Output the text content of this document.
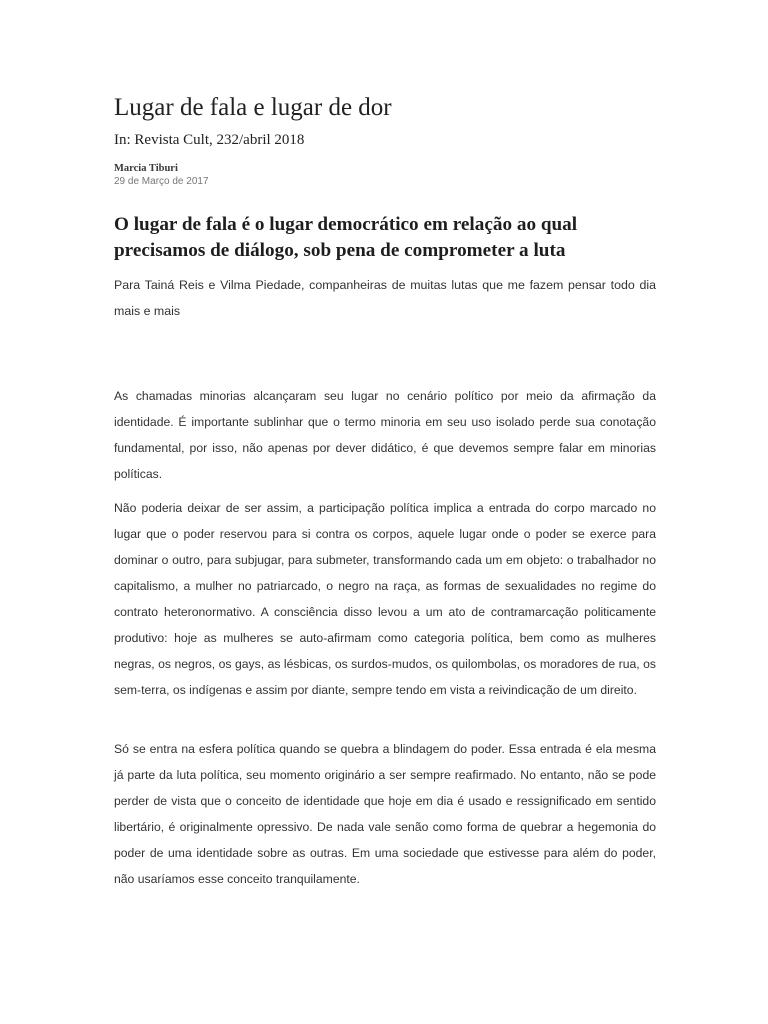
Lugar de fala e lugar de dor

In: Revista Cult, 232/abril 2018

Marcia Tiburi

29 de Março de 2017

O lugar de fala é o lugar democrático em relação ao qual precisamos de diálogo, sob pena de comprometer a luta

Para Tainá Reis e Vilma Piedade, companheiras de muitas lutas que me fazem pensar todo dia mais e mais

As chamadas minorias alcançaram seu lugar no cenário político por meio da afirmação da identidade. É importante sublinhar que o termo minoria em seu uso isolado perde sua conotação fundamental, por isso, não apenas por dever didático, é que devemos sempre falar em minorias políticas.

Não poderia deixar de ser assim, a participação política implica a entrada do corpo marcado no lugar que o poder reservou para si contra os corpos, aquele lugar onde o poder se exerce para dominar o outro, para subjugar, para submeter, transformando cada um em objeto: o trabalhador no capitalismo, a mulher no patriarcado, o negro na raça, as formas de sexualidades no regime do contrato heteronormativo. A consciência disso levou a um ato de contramarcação politicamente produtivo: hoje as mulheres se auto-afirmam como categoria política, bem como as mulheres negras, os negros, os gays, as lésbicas, os surdos-mudos, os quilombolas, os moradores de rua, os sem-terra, os indígenas e assim por diante, sempre tendo em vista a reivindicação de um direito.

Só se entra na esfera política quando se quebra a blindagem do poder. Essa entrada é ela mesma já parte da luta política, seu momento originário a ser sempre reafirmado. No entanto, não se pode perder de vista que o conceito de identidade que hoje em dia é usado e ressignificado em sentido libertário, é originalmente opressivo. De nada vale senão como forma de quebrar a hegemonia do poder de uma identidade sobre as outras. Em uma sociedade que estivesse para além do poder, não usaríamos esse conceito tranquilamente.
